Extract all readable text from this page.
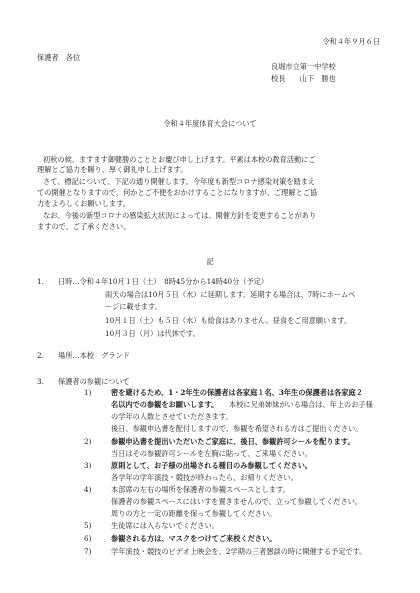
令和４年９月６日
保護者　各位
良堀市立第一中学校
校長　　山下　勝也
令和４年度体育大会について
初秋の候、ますます御健勝のこととお慶び申し上げます。平素は本校の教育活動にご
理解とご協力を賜り、厚く御礼申し上げます。
さて、標記について、下記の通り開催します。今年度も新型コロナ感染対策を踏まえ
ての開催となりますので、何かとご不便をおかけすることになりますが、ご理解とご協
力をよろしくお願いします。
なお、今後の新型コロナの感染拡大状況によっては、開催方針を変更することがあり
ますので、ご了承ください。
記
1. 日時…令和４年10月１日（土）　8時45分から14時40分（予定）
雨天の場合は10月５日（水）に延期します。延期する場合は、7時にホームペ
ージに載せます。
10月１日（土）も５日（水）も給食はありません。昼食をご用意願います。
10月３日（月）は代休です。
2. 場所…本校　グランド
3. 保護者の参観について
1)	密を避けるため、1・2年生の保護者は各家庭１名、3年生の保護者は各家庭２
名以内での参観をお願いします。 本校に兄弟姉妹がいる場合は、年上のお子様
の学年の人数とさせていただきます。
後日、参観申込書を配付しますので、参観を希望される方はご提出ください。
2)	参観申込書を提出いただいたご家庭に、後日、参観許可シールを配ります。
当日はその参観許可シールを左胸に貼って、ご来場ください。
3)	原則として、お子様の出場される種目のみ参観してください。
各学年の学年演技・競技が終わったら、お帰りください。
4)	本部席の左右の場所を保護者の参観スペースとします。
保護者の参観スペースにはいすを置きませんので、立って参観してください。
周りの方と一定の距離を保って参観してください。
5)	生徒席には入らないでください。
6)	参観される方は、マスクをつけてご来校ください。
7)	学年演技・競技のビデオ上映会を、2学期の三者懇談の時に開催する予定です。
